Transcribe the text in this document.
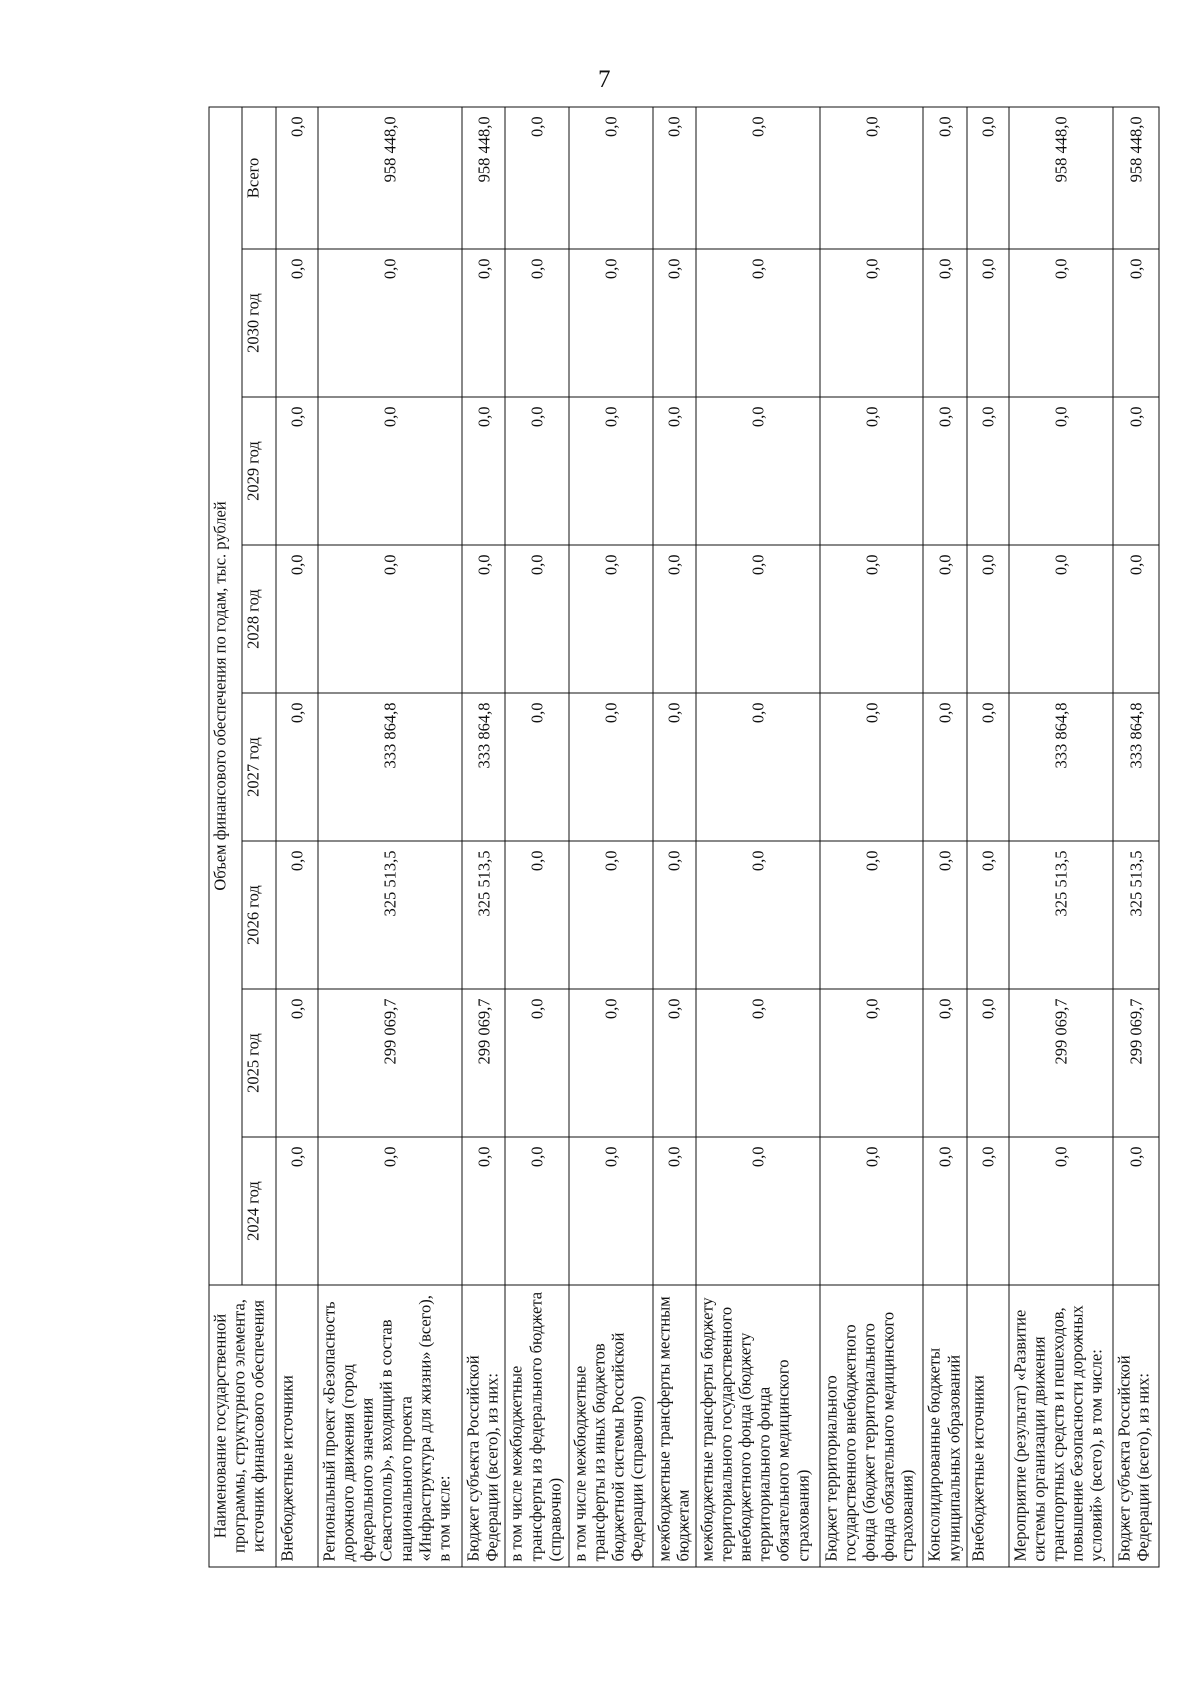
7
Наименование государственной программы, структурного элемента, источник финансового обеспечения	Объем финансового обеспечения по годам, тыс. рублей							
	2024 год	2025 год	2026 год	2027 год	2028 год	2029 год	2030 год	Всего
Внебюджетные источники	0,0	0,0	0,0	0,0	0,0	0,0	0,0	0,0
Региональный проект «Безопасность дорожного движения (город федерального значения Севастополь)», входящий в состав национального проекта «Инфраструктура для жизни» (всего), в том числе:	0,0	299 069,7	325 513,5	333 864,8	0,0	0,0	0,0	958 448,0
Бюджет субъекта Российской Федерации (всего), из них:	0,0	299 069,7	325 513,5	333 864,8	0,0	0,0	0,0	958 448,0
в том числе межбюджетные трансферты из федерального бюджета (справочно)	0,0	0,0	0,0	0,0	0,0	0,0	0,0	0,0
в том числе межбюджетные трансферты из иных бюджетов бюджетной системы Российской Федерации (справочно)	0,0	0,0	0,0	0,0	0,0	0,0	0,0	0,0
межбюджетные трансферты местным бюджетам	0,0	0,0	0,0	0,0	0,0	0,0	0,0	0,0
межбюджетные трансферты бюджету территориального государственного внебюджетного фонда (бюджету территориального фонда обязательного медицинского страхования)	0,0	0,0	0,0	0,0	0,0	0,0	0,0	0,0
Бюджет территориального государственного внебюджетного фонда (бюджет территориального фонда обязательного медицинского страхования)	0,0	0,0	0,0	0,0	0,0	0,0	0,0	0,0
Консолидированные бюджеты муниципальных образований	0,0	0,0	0,0	0,0	0,0	0,0	0,0	0,0
Внебюджетные источники	0,0	0,0	0,0	0,0	0,0	0,0	0,0	0,0
Мероприятие (результат) «Развитие системы организации движения транспортных средств и пешеходов, повышение безопасности дорожных условий» (всего), в том числе:	0,0	299 069,7	325 513,5	333 864,8	0,0	0,0	0,0	958 448,0
Бюджет субъекта Российской Федерации (всего), из них:	0,0	299 069,7	325 513,5	333 864,8	0,0	0,0	0,0	958 448,0
